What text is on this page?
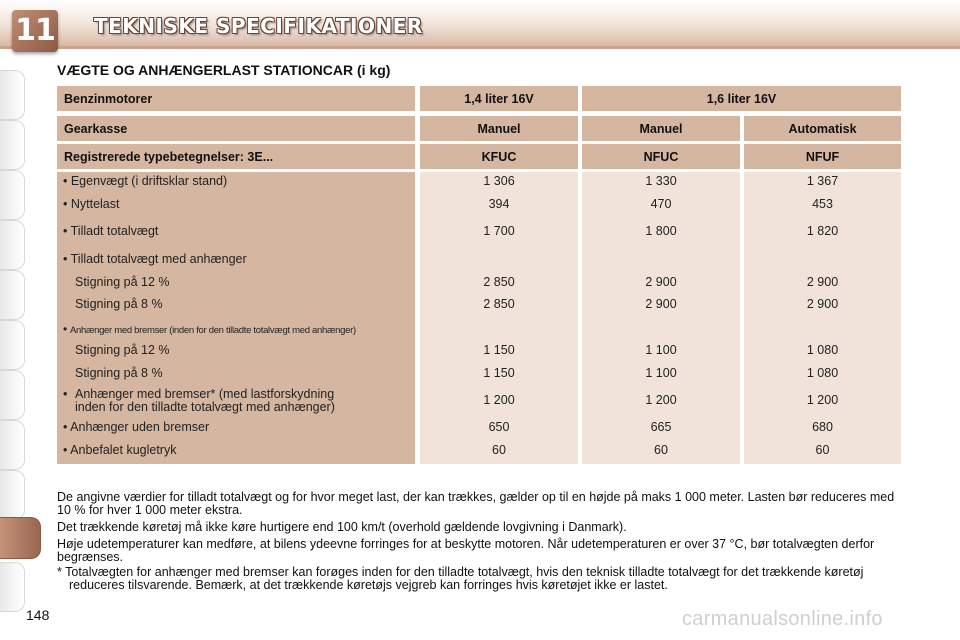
11 TEKNISKE SPECIFIKATIONER
VÆGTE OG ANHÆNGERLAST STATIONCAR (i kg)
Benzinmotorer	1,4 liter 16V	1,6 liter 16V
Gearkasse	Manuel	Manuel	Automatisk
Registrerede typebetegnelser: 3E...	KFUC	NFUC	NFUF
• Egenvægt (i driftsklar stand)	1 306	1 330	1 367
• Nyttelast	394	470	453
• Tilladt totalvægt	1 700	1 800	1 820
• Tilladt totalvægt med anhænger
Stigning på 12 %	2 850	2 900	2 900
Stigning på 8 %	2 850	2 900	2 900
• Anhænger med bremser (inden for den tilladte totalvægt med anhænger)
Stigning på 12 %	1 150	1 100	1 080
Stigning på 8 %	1 150	1 100	1 080
• Anhænger med bremser* (med lastforskydning
inden for den tilladte totalvægt med anhænger)	1 200	1 200	1 200
• Anhænger uden bremser	650	665	680
• Anbefalet kugletryk	60	60	60
De angivne værdier for tilladt totalvægt og for hvor meget last, der kan trækkes, gælder op til en højde på maks 1 000 meter. Lasten bør reduceres med 10 % for hver 1 000 meter ekstra.
Det trækkende køretøj må ikke køre hurtigere end 100 km/t (overhold gældende lovgivning i Danmark).
Høje udetemperaturer kan medføre, at bilens ydeevne forringes for at beskytte motoren. Når udetemperaturen er over 37 °C, bør totalvægten derfor begrænses.
* Totalvægten for anhænger med bremser kan forøges inden for den tilladte totalvægt, hvis den teknisk tilladte totalvægt for det trækkende køretøj reduceres tilsvarende. Bemærk, at det trækkende køretøjs vejgreb kan forringes hvis køretøjet ikke er lastet.
148	carmanualsonline.info
